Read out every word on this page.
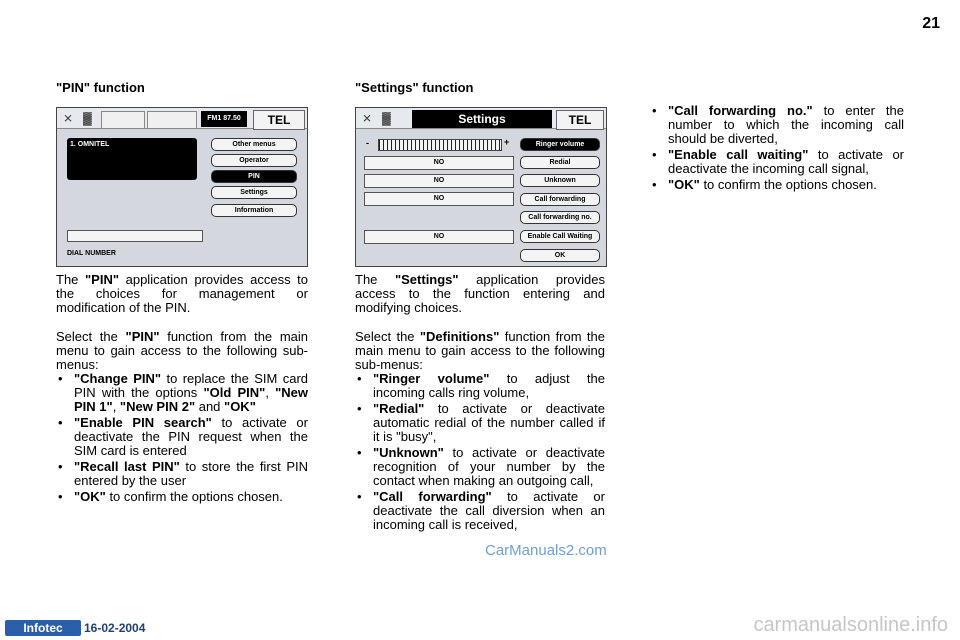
21
"PIN" function
⨯ ▓	FM1 87.50	TEL
1. OMNITEL	Other menus
Operator
PIN
Settings
Information
DIAL NUMBER
The "PIN" application provides access to the choices for management or modification of the PIN.
Select the "PIN" function from the main menu to gain access to the following sub-menus:
• "Change PIN" to replace the SIM card PIN with the options "Old PIN", "New PIN 1", "New PIN 2" and "OK"
• "Enable PIN search" to activate or deactivate the PIN request when the SIM card is entered
• "Recall last PIN" to store the first PIN entered by the user
• "OK" to confirm the options chosen.
"Settings" function
⨯ ▓	Settings	TEL
-	+
NO
NO
NO
NO
Ringer volume
Redial
Unknown
Call forwarding
Call forwarding no.
Enable Call Waiting
OK
The "Settings" application provides access to the function entering and modifying choices.
Select the "Definitions" function from the main menu to gain access to the following sub-menus:
• "Ringer volume" to adjust the incoming calls ring volume,
• "Redial" to activate or deactivate automatic redial of the number called if it is "busy",
• "Unknown" to activate or deactivate recognition of your number by the contact when making an outgoing call,
• "Call forwarding" to activate or deactivate the call diversion when an incoming call is received,
• "Call forwarding no." to enter the number to which the incoming call should be diverted,
• "Enable call waiting" to activate or deactivate the incoming call signal,
• "OK" to confirm the options chosen.
CarManuals2.com
Infotec	16-02-2004	carmanualsonline.info
